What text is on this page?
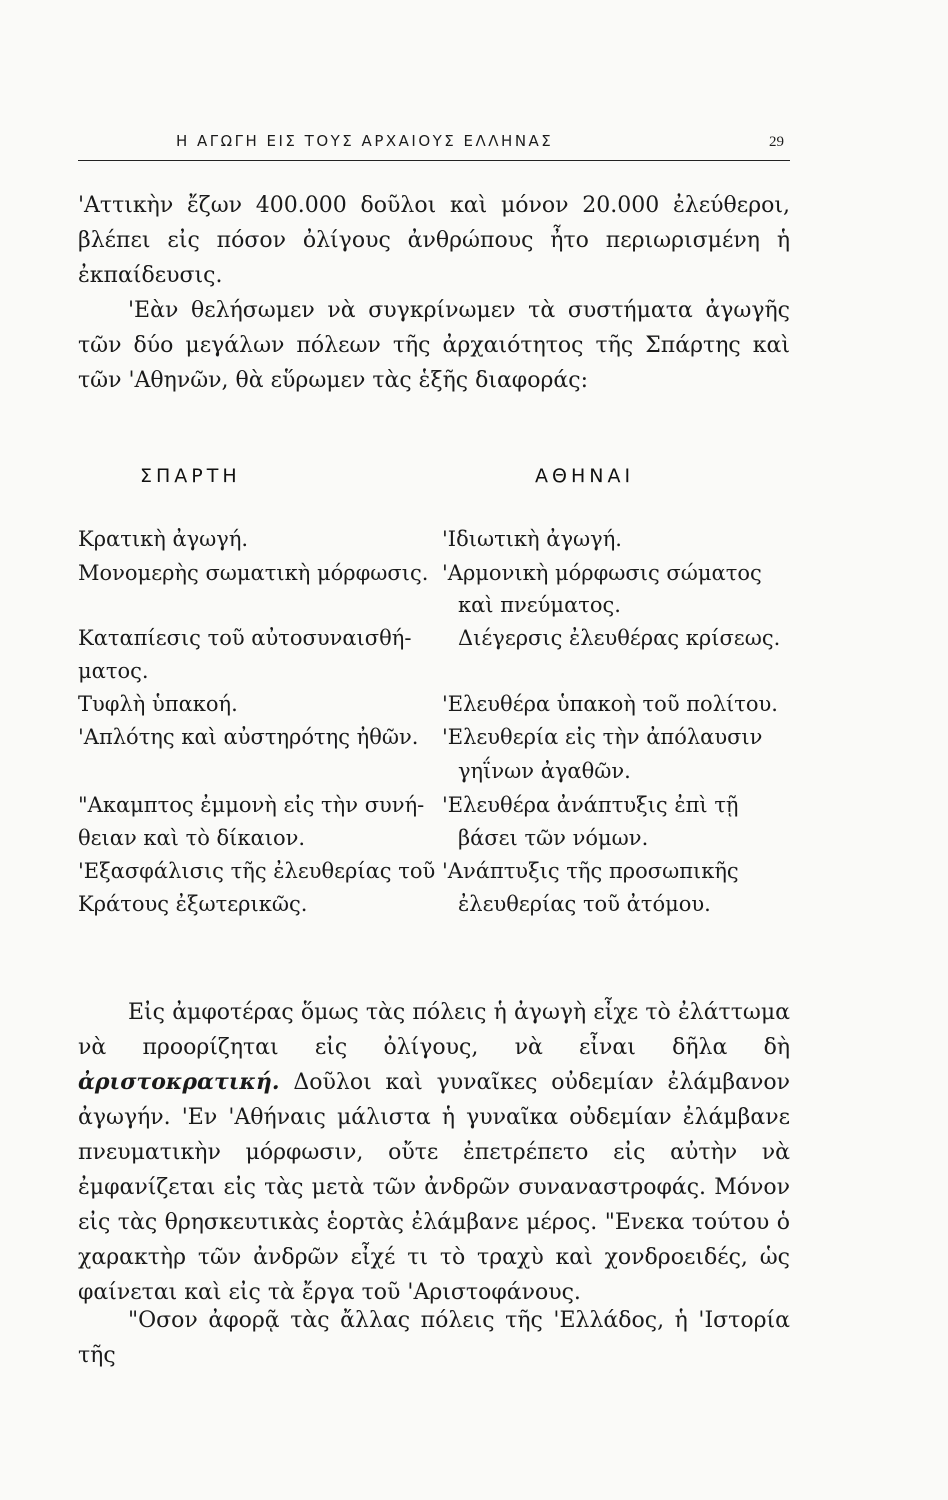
Η ΑΓΩΓΗ ΕΙΣ ΤΟΥΣ ΑΡΧΑΙΟΥΣ ΕΛΛΗΝΑΣ	29

'Αττικὴν ἔζων 400.000 δοῦλοι καὶ μόνον 20.000 ἐλεύθεροι, βλέπει εἰς πόσον ὀλίγους ἀνθρώπους ἦτο περιωρισμένη ἡ ἐκπαίδευσις.

'Εὰν θελήσωμεν νὰ συγκρίνωμεν τὰ συστήματα ἀγωγῆς τῶν δύο μεγάλων πόλεων τῆς ἀρχαιότητος τῆς Σπάρτης καὶ τῶν 'Αθηνῶν, θὰ εὕρωμεν τὰς ἑξῆς διαφοράς:

ΣΠΑΡΤΗ	ΑΘΗΝΑΙ

Κρατικὴ ἀγωγή.

Μονομερὴς σωματικὴ μόρφωσις.

Καταπίεσις τοῦ αὐτοσυναισθή-

ματος.

Τυφλὴ ὑπακοή.

'Απλότης καὶ αὐστηρότης ἠθῶν.

"Ακαμπτος ἐμμονὴ εἰς τὴν συνή-

θειαν καὶ τὸ δίκαιον.

'Εξασφάλισις τῆς ἐλευθερίας τοῦ

Κράτους ἐξωτερικῶς.

'Ιδιωτικὴ ἀγωγή.

'Αρμονικὴ μόρφωσις σώματος

καὶ πνεύματος.

Διέγερσις ἐλευθέρας κρίσεως.

'Ελευθέρα ὑπακοὴ τοῦ πολίτου.

'Ελευθερία εἰς τὴν ἀπόλαυσιν

γηΐνων ἀγαθῶν.

'Ελευθέρα ἀνάπτυξις ἐπὶ τῇ

βάσει τῶν νόμων.

'Ανάπτυξις τῆς προσωπικῆς

ἐλευθερίας τοῦ ἀτόμου.

Εἰς ἀμφοτέρας ὅμως τὰς πόλεις ἡ ἀγωγὴ εἶχε τὸ ἐλάττωμα νὰ προορίζηται εἰς ὀλίγους, νὰ εἶναι δῆλα δὴ ἀριστοκρατική. Δοῦλοι καὶ γυναῖκες οὐδεμίαν ἐλάμβανον ἀγωγήν. 'Εν 'Αθήναις μάλιστα ἡ γυναῖκα οὐδεμίαν ἐλάμβανε πνευματικὴν μόρφωσιν, οὔτε ἐπετρέπετο εἰς αὐτὴν νὰ ἐμφανίζεται εἰς τὰς μετὰ τῶν ἀνδρῶν συναναστροφάς. Μόνον εἰς τὰς θρησκευτικὰς ἑορτὰς ἐλάμβανε μέρος. "Ενεκα τούτου ὁ χαρακτὴρ τῶν ἀνδρῶν εἶχέ τι τὸ τραχὺ καὶ χονδροειδές, ὡς φαίνεται καὶ εἰς τὰ ἔργα τοῦ 'Αριστοφάνους.

"Οσον ἀφορᾷ τὰς ἄλλας πόλεις τῆς 'Ελλάδος, ἡ 'Ιστορία τῆς
